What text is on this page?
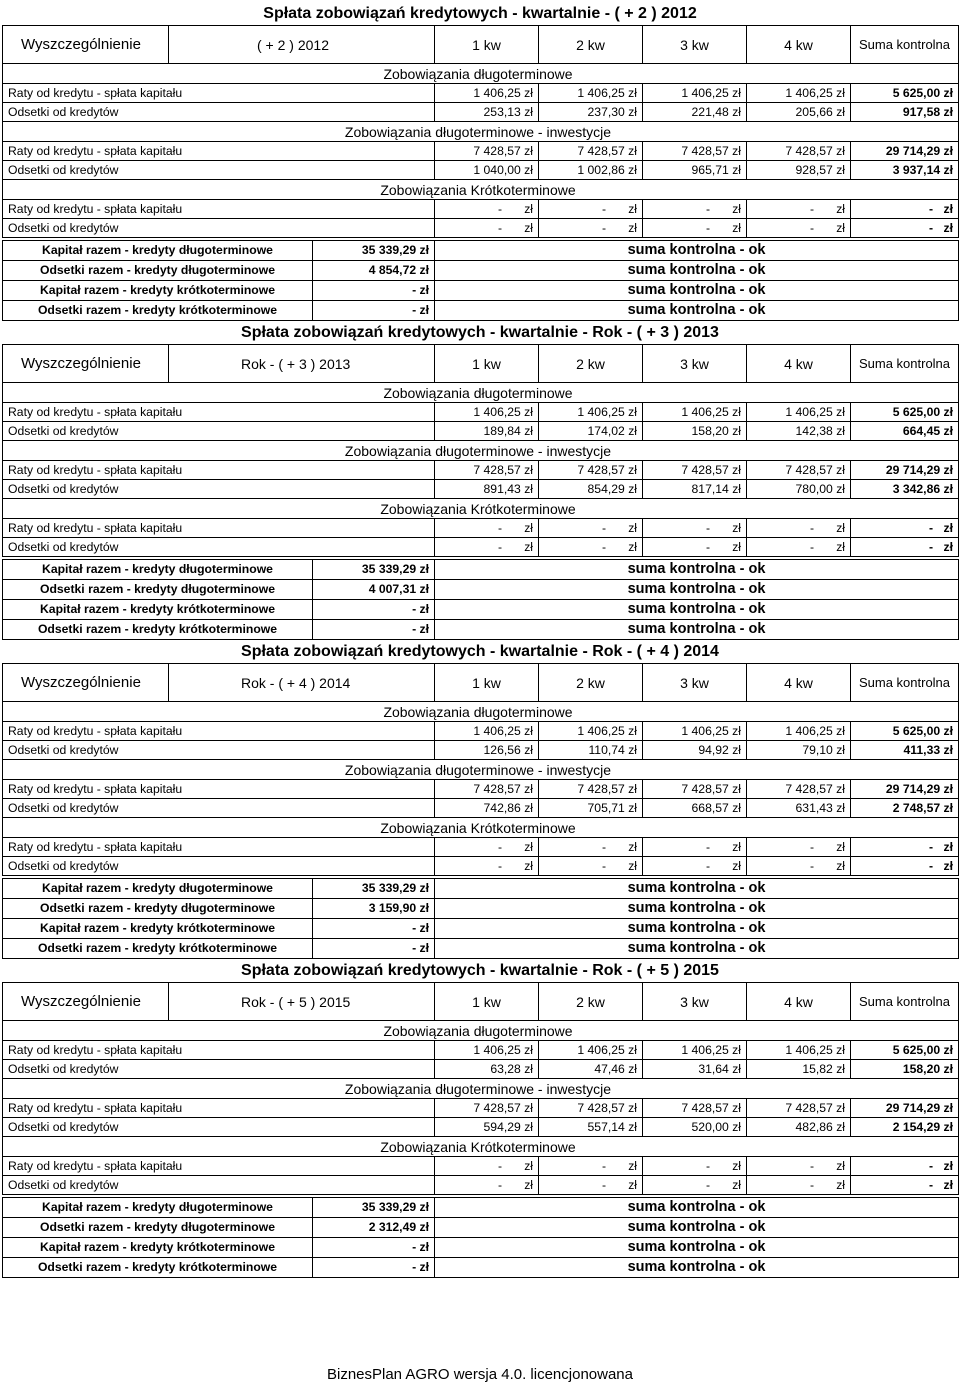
Spłata zobowiązań kredytowych - kwartalnie - ( + 2 ) 2012
Wyszczególnienie	( + 2 ) 2012	1 kw	2 kw	3 kw	4 kw	Suma kontrolna
Zobowiązania długoterminowe						
Raty od kredytu - spłata kapitału		1 406,25 zł	1 406,25 zł	1 406,25 zł	1 406,25 zł	5 625,00 zł
Odsetki od kredytów		253,13 zł	237,30 zł	221,48 zł	205,66 zł	917,58 zł
Zobowiązania długoterminowe - inwestycje						
Raty od kredytu - spłata kapitału		7 428,57 zł	7 428,57 zł	7 428,57 zł	7 428,57 zł	29 714,29 zł
Odsetki od kredytów		1 040,00 zł	1 002,86 zł	965,71 zł	928,57 zł	3 937,14 zł
Zobowiązania Krótkoterminowe						
Raty od kredytu - spłata kapitału		- zł	- zł	- zł	- zł	- zł
Odsetki od kredytów		- zł	- zł	- zł	- zł	- zł
Kapitał razem - kredyty długoterminowe	35 339,29 zł	suma kontrolna - ok
Odsetki razem - kredyty długoterminowe	4 854,72 zł	suma kontrolna - ok
Kapitał razem - kredyty krótkoterminowe	- zł	suma kontrolna - ok
Odsetki razem - kredyty krótkoterminowe	- zł	suma kontrolna - ok
Spłata zobowiązań kredytowych - kwartalnie - Rok - ( + 3 ) 2013
Wyszczególnienie	Rok - ( + 3 ) 2013	1 kw	2 kw	3 kw	4 kw	Suma kontrolna
Zobowiązania długoterminowe						
Raty od kredytu - spłata kapitału		1 406,25 zł	1 406,25 zł	1 406,25 zł	1 406,25 zł	5 625,00 zł
Odsetki od kredytów		189,84 zł	174,02 zł	158,20 zł	142,38 zł	664,45 zł
Zobowiązania długoterminowe - inwestycje						
Raty od kredytu - spłata kapitału		7 428,57 zł	7 428,57 zł	7 428,57 zł	7 428,57 zł	29 714,29 zł
Odsetki od kredytów		891,43 zł	854,29 zł	817,14 zł	780,00 zł	3 342,86 zł
Zobowiązania Krótkoterminowe						
Raty od kredytu - spłata kapitału		- zł	- zł	- zł	- zł	- zł
Odsetki od kredytów		- zł	- zł	- zł	- zł	- zł
Kapitał razem - kredyty długoterminowe	35 339,29 zł	suma kontrolna - ok
Odsetki razem - kredyty długoterminowe	4 007,31 zł	suma kontrolna - ok
Kapitał razem - kredyty krótkoterminowe	- zł	suma kontrolna - ok
Odsetki razem - kredyty krótkoterminowe	- zł	suma kontrolna - ok
Spłata zobowiązań kredytowych - kwartalnie - Rok - ( + 4 ) 2014
Wyszczególnienie	Rok - ( + 4 ) 2014	1 kw	2 kw	3 kw	4 kw	Suma kontrolna
Zobowiązania długoterminowe						
Raty od kredytu - spłata kapitału		1 406,25 zł	1 406,25 zł	1 406,25 zł	1 406,25 zł	5 625,00 zł
Odsetki od kredytów		126,56 zł	110,74 zł	94,92 zł	79,10 zł	411,33 zł
Zobowiązania długoterminowe - inwestycje						
Raty od kredytu - spłata kapitału		7 428,57 zł	7 428,57 zł	7 428,57 zł	7 428,57 zł	29 714,29 zł
Odsetki od kredytów		742,86 zł	705,71 zł	668,57 zł	631,43 zł	2 748,57 zł
Zobowiązania Krótkoterminowe						
Raty od kredytu - spłata kapitału		- zł	- zł	- zł	- zł	- zł
Odsetki od kredytów		- zł	- zł	- zł	- zł	- zł
Kapitał razem - kredyty długoterminowe	35 339,29 zł	suma kontrolna - ok
Odsetki razem - kredyty długoterminowe	3 159,90 zł	suma kontrolna - ok
Kapitał razem - kredyty krótkoterminowe	- zł	suma kontrolna - ok
Odsetki razem - kredyty krótkoterminowe	- zł	suma kontrolna - ok
Spłata zobowiązań kredytowych - kwartalnie - Rok - ( + 5 ) 2015
Wyszczególnienie	Rok - ( + 5 ) 2015	1 kw	2 kw	3 kw	4 kw	Suma kontrolna
Zobowiązania długoterminowe						
Raty od kredytu - spłata kapitału		1 406,25 zł	1 406,25 zł	1 406,25 zł	1 406,25 zł	5 625,00 zł
Odsetki od kredytów		63,28 zł	47,46 zł	31,64 zł	15,82 zł	158,20 zł
Zobowiązania długoterminowe - inwestycje						
Raty od kredytu - spłata kapitału		7 428,57 zł	7 428,57 zł	7 428,57 zł	7 428,57 zł	29 714,29 zł
Odsetki od kredytów		594,29 zł	557,14 zł	520,00 zł	482,86 zł	2 154,29 zł
Zobowiązania Krótkoterminowe						
Raty od kredytu - spłata kapitału		- zł	- zł	- zł	- zł	- zł
Odsetki od kredytów		- zł	- zł	- zł	- zł	- zł
Kapitał razem - kredyty długoterminowe	35 339,29 zł	suma kontrolna - ok
Odsetki razem - kredyty długoterminowe	2 312,49 zł	suma kontrolna - ok
Kapitał razem - kredyty krótkoterminowe	- zł	suma kontrolna - ok
Odsetki razem - kredyty krótkoterminowe	- zł	suma kontrolna - ok
BiznesPlan AGRO wersja 4.0. licencjonowana
